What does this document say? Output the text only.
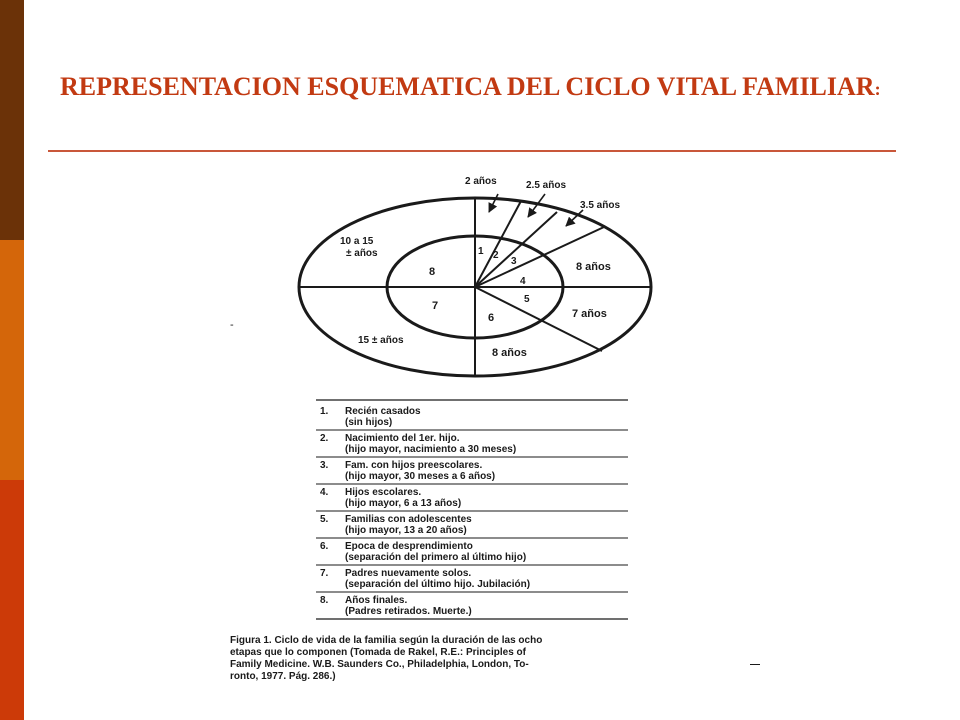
REPRESENTACION ESQUEMATICA DEL CICLO VITAL FAMILIAR:
2 años	2.5 años
3.5 años
8 años
7 años
8 años
15 ± años
10 a 15
± años	1 2
3
4
5
6
7
8
-
1. Recién casados
(sin hijos)
2. Nacimiento del 1er. hijo.
(hijo mayor, nacimiento a 30 meses)
3. Fam. con hijos preescolares.
(hijo mayor, 30 meses a 6 años)
4. Hijos escolares.
(hijo mayor, 6 a 13 años)
5. Familias con adolescentes
(hijo mayor, 13 a 20 años)
6. Epoca de desprendimiento
(separación del primero al último hijo)
7. Padres nuevamente solos.
(separación del último hijo. Jubilación)
8. Años finales.
(Padres retirados. Muerte.)
Figura 1. Ciclo de vida de la familia según la duración de las ocho
etapas que lo componen (Tomada de Rakel, R.E.: Principles of
Family Medicine. W.B. Saunders Co., Philadelphia, London, To-
ronto, 1977. Pág. 286.)
—
